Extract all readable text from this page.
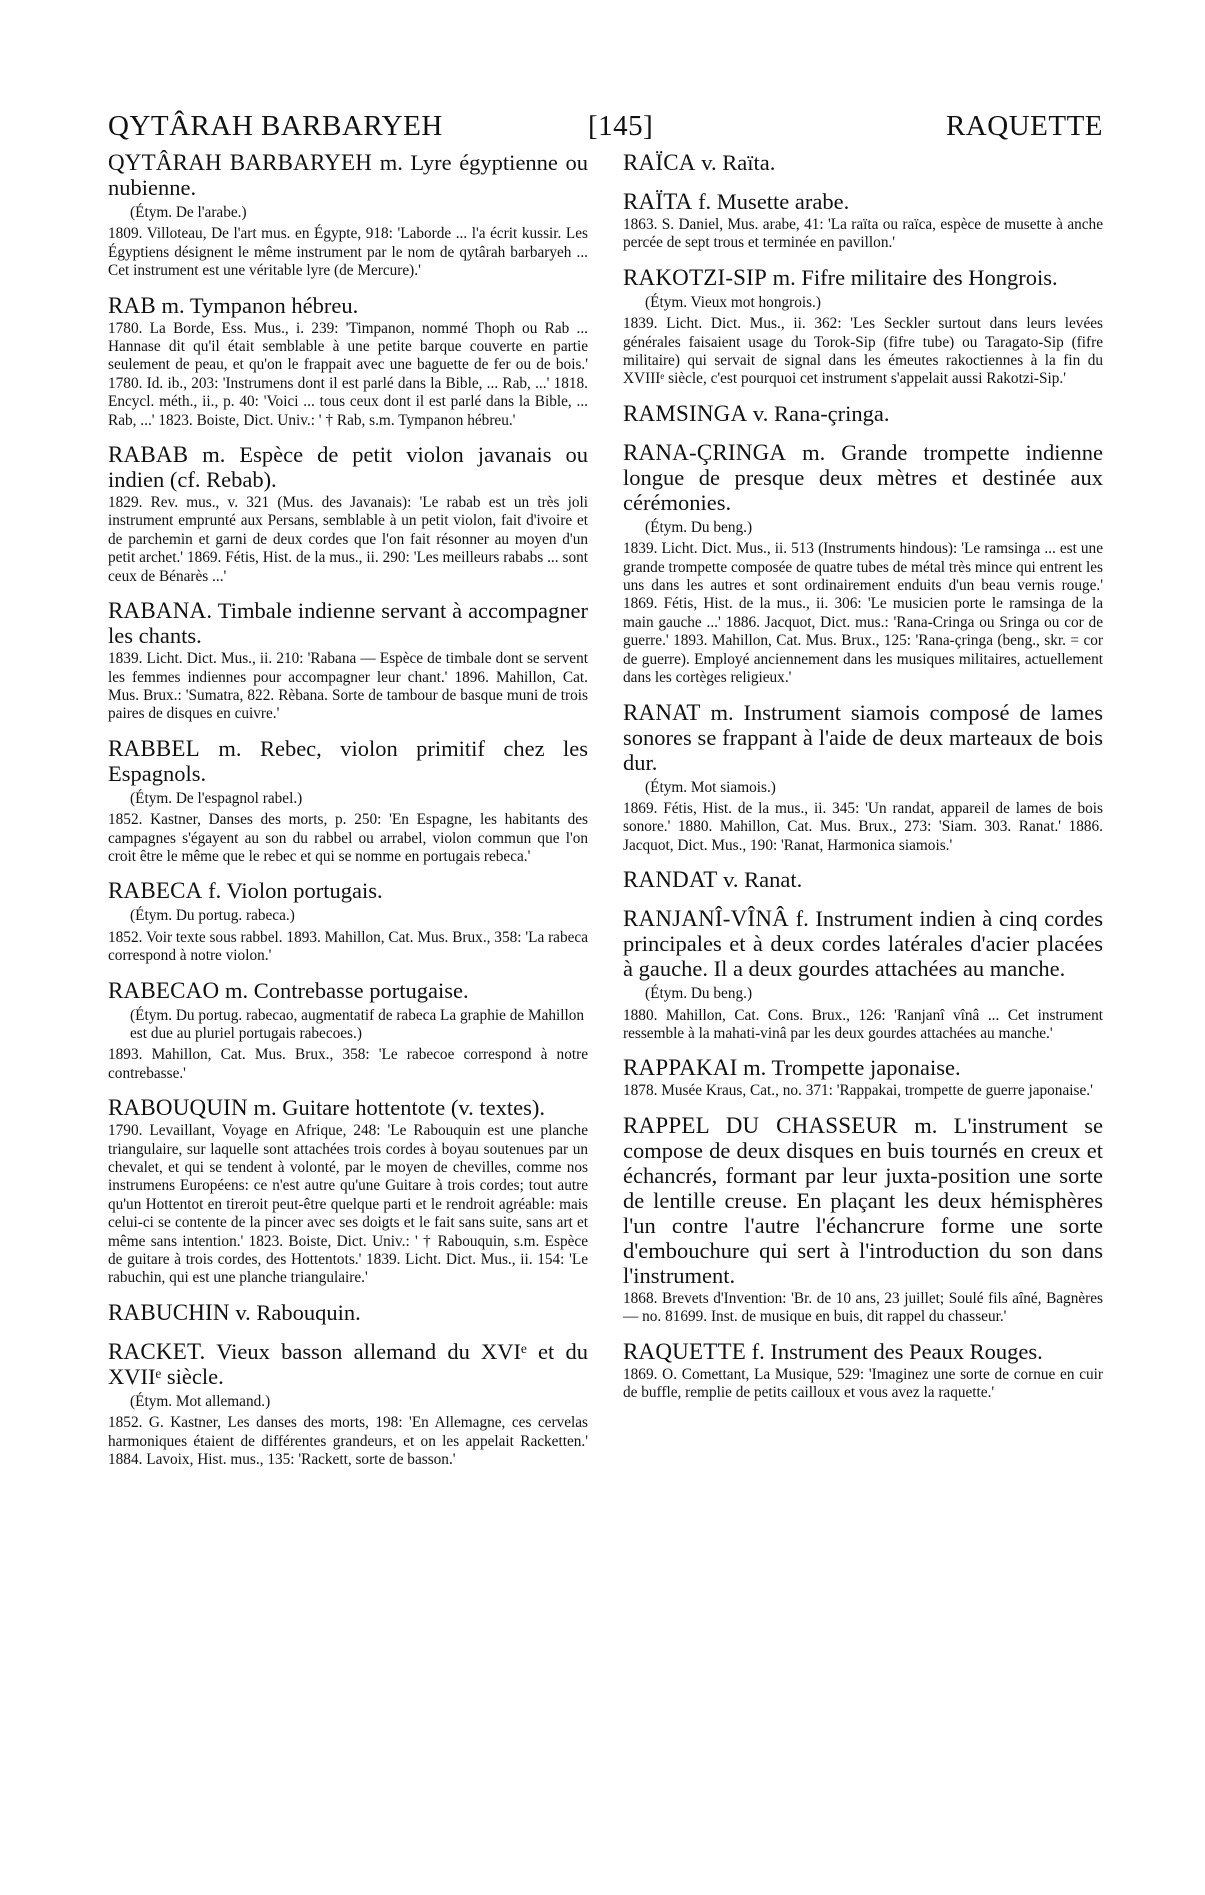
QYTÂRAH BARBARYEH	[145]	RAQUETTE

QYTÂRAH BARBARYEH m. Lyre égyptienne ou nubienne.

(Étym. De l'arabe.)

1809. Villoteau, De l'art mus. en Égypte, 918: 'Laborde ... l'a écrit kussir. Les Égyptiens désignent le même instrument par le nom de qytârah barbaryeh ... Cet instrument est une véritable lyre (de Mercure).'

RAB m. Tympanon hébreu.

1780. La Borde, Ess. Mus., i. 239: 'Timpanon, nommé Thoph ou Rab ... Hannase dit qu'il était semblable à une petite barque couverte en partie seulement de peau, et qu'on le frappait avec une baguette de fer ou de bois.' 1780. Id. ib., 203: 'Instrumens dont il est parlé dans la Bible, ... Rab, ...' 1818. Encycl. méth., ii., p. 40: 'Voici ... tous ceux dont il est parlé dans la Bible, ... Rab, ...' 1823. Boiste, Dict. Univ.: ' † Rab, s.m. Tympanon hébreu.'

RABAB m. Espèce de petit violon javanais ou indien (cf. Rebab).

1829. Rev. mus., v. 321 (Mus. des Javanais): 'Le rabab est un très joli instrument emprunté aux Persans, semblable à un petit violon, fait d'ivoire et de parchemin et garni de deux cordes que l'on fait résonner au moyen d'un petit archet.' 1869. Fétis, Hist. de la mus., ii. 290: 'Les meilleurs rababs ... sont ceux de Bénarès ...'

RABANA. Timbale indienne servant à accompagner les chants.

1839. Licht. Dict. Mus., ii. 210: 'Rabana — Espèce de timbale dont se servent les femmes indiennes pour accompagner leur chant.' 1896. Mahillon, Cat. Mus. Brux.: 'Sumatra, 822. Rèbana. Sorte de tambour de basque muni de trois paires de disques en cuivre.'

RABBEL m. Rebec, violon primitif chez les Espagnols.

(Étym. De l'espagnol rabel.)

1852. Kastner, Danses des morts, p. 250: 'En Espagne, les habitants des campagnes s'égayent au son du rabbel ou arrabel, violon commun que l'on croit être le même que le rebec et qui se nomme en portugais rebeca.'

RABECA f. Violon portugais.

(Étym. Du portug. rabeca.)

1852. Voir texte sous rabbel. 1893. Mahillon, Cat. Mus. Brux., 358: 'La rabeca correspond à notre violon.'

RABECAO m. Contrebasse portugaise.

(Étym. Du portug. rabecao, augmentatif de rabeca La graphie de Mahillon est due au pluriel portugais rabecoes.)

1893. Mahillon, Cat. Mus. Brux., 358: 'Le rabecoe correspond à notre contrebasse.'

RABOUQUIN m. Guitare hottentote (v. textes).

1790. Levaillant, Voyage en Afrique, 248: 'Le Rabouquin est une planche triangulaire, sur laquelle sont attachées trois cordes à boyau soutenues par un chevalet, et qui se tendent à volonté, par le moyen de chevilles, comme nos instrumens Européens: ce n'est autre qu'une Guitare à trois cordes; tout autre qu'un Hottentot en tireroit peut-être quelque parti et le rendroit agréable: mais celui-ci se contente de la pincer avec ses doigts et le fait sans suite, sans art et même sans intention.' 1823. Boiste, Dict. Univ.: ' † Rabouquin, s.m. Espèce de guitare à trois cordes, des Hottentots.' 1839. Licht. Dict. Mus., ii. 154: 'Le rabuchin, qui est une planche triangulaire.'

RABUCHIN v. Rabouquin.

RACKET. Vieux basson allemand du XVIᵉ et du XVIIᵉ siècle.

(Étym. Mot allemand.)

1852. G. Kastner, Les danses des morts, 198: 'En Allemagne, ces cervelas harmoniques étaient de différentes grandeurs, et on les appelait Racketten.' 1884. Lavoix, Hist. mus., 135: 'Rackett, sorte de basson.'

RAÏCA v. Raïta.

RAÏTA f. Musette arabe.

1863. S. Daniel, Mus. arabe, 41: 'La raïta ou raïca, espèce de musette à anche percée de sept trous et terminée en pavillon.'

RAKOTZI-SIP m. Fifre militaire des Hongrois.

(Étym. Vieux mot hongrois.)

1839. Licht. Dict. Mus., ii. 362: 'Les Seckler surtout dans leurs levées générales faisaient usage du Torok-Sip (fifre tube) ou Taragato-Sip (fifre militaire) qui servait de signal dans les émeutes rakoctiennes à la fin du XVIIIᵉ siècle, c'est pourquoi cet instrument s'appelait aussi Rakotzi-Sip.'

RAMSINGA v. Rana-çringa.

RANA-ÇRINGA m. Grande trompette indienne longue de presque deux mètres et destinée aux cérémonies.

(Étym. Du beng.)

1839. Licht. Dict. Mus., ii. 513 (Instruments hindous): 'Le ramsinga ... est une grande trompette composée de quatre tubes de métal très mince qui entrent les uns dans les autres et sont ordinairement enduits d'un beau vernis rouge.' 1869. Fétis, Hist. de la mus., ii. 306: 'Le musicien porte le ramsinga de la main gauche ...' 1886. Jacquot, Dict. mus.: 'Rana-Cringa ou Sringa ou cor de guerre.' 1893. Mahillon, Cat. Mus. Brux., 125: 'Rana-çringa (beng., skr. = cor de guerre). Employé anciennement dans les musiques militaires, actuellement dans les cortèges religieux.'

RANAT m. Instrument siamois composé de lames sonores se frappant à l'aide de deux marteaux de bois dur.

(Étym. Mot siamois.)

1869. Fétis, Hist. de la mus., ii. 345: 'Un randat, appareil de lames de bois sonore.' 1880. Mahillon, Cat. Mus. Brux., 273: 'Siam. 303. Ranat.' 1886. Jacquot, Dict. Mus., 190: 'Ranat, Harmonica siamois.'

RANDAT v. Ranat.

RANJANÎ-VÎNÂ f. Instrument indien à cinq cordes principales et à deux cordes latérales d'acier placées à gauche. Il a deux gourdes attachées au manche.

(Étym. Du beng.)

1880. Mahillon, Cat. Cons. Brux., 126: 'Ranjanî vînâ ... Cet instrument ressemble à la mahati-vinâ par les deux gourdes attachées au manche.'

RAPPAKAI m. Trompette japonaise.

1878. Musée Kraus, Cat., no. 371: 'Rappakai, trompette de guerre japonaise.'

RAPPEL DU CHASSEUR m. L'instrument se compose de deux disques en buis tournés en creux et échancrés, formant par leur juxta-position une sorte de lentille creuse. En plaçant les deux hémisphères l'un contre l'autre l'échancrure forme une sorte d'embouchure qui sert à l'introduction du son dans l'instrument.

1868. Brevets d'Invention: 'Br. de 10 ans, 23 juillet; Soulé fils aîné, Bagnères — no. 81699. Inst. de musique en buis, dit rappel du chasseur.'

RAQUETTE f. Instrument des Peaux Rouges.

1869. O. Comettant, La Musique, 529: 'Imaginez une sorte de cornue en cuir de buffle, remplie de petits cailloux et vous avez la raquette.'
